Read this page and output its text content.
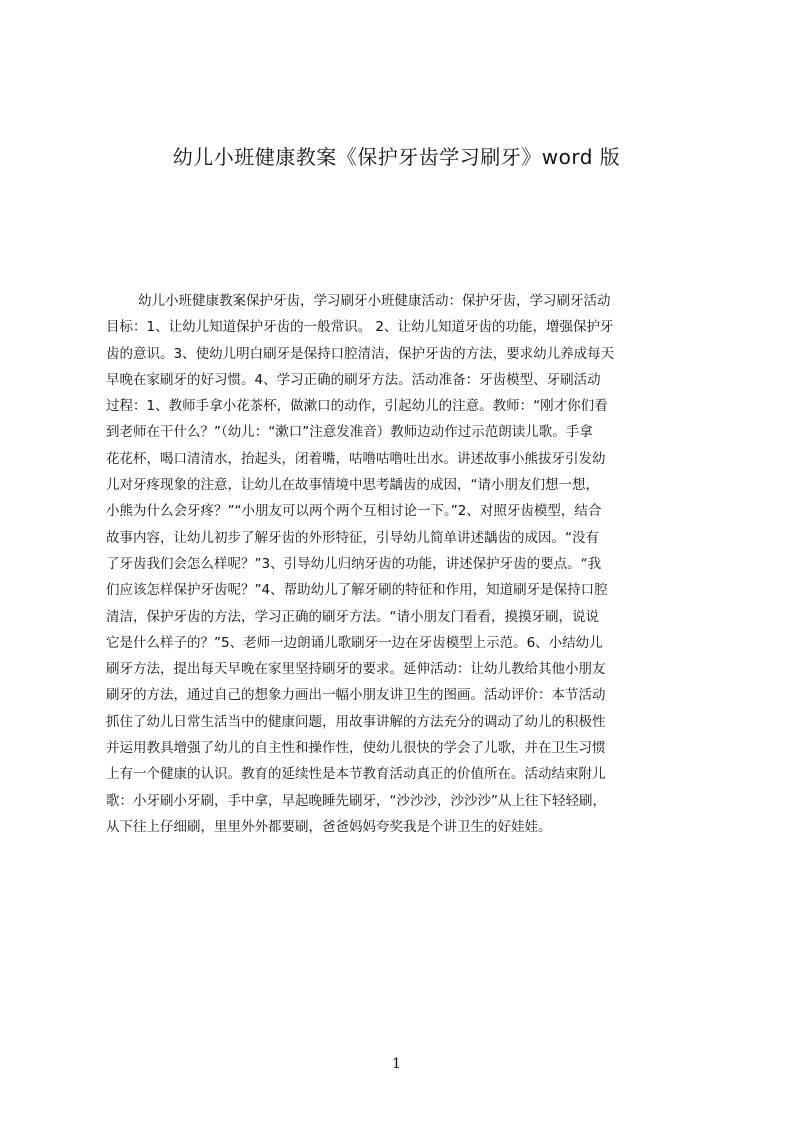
幼儿小班健康教案《保护牙齿学习刷牙》word 版
幼儿小班健康教案保护牙齿，学习刷牙小班健康活动：保护牙齿，学习刷牙活动
目标：1、让幼儿知道保护牙齿的一般常识。 2、让幼儿知道牙齿的功能，增强保护牙
齿的意识。3、使幼儿明白刷牙是保持口腔清洁，保护牙齿的方法，要求幼儿养成每天
早晚在家刷牙的好习惯。4、学习正确的刷牙方法。活动准备：牙齿模型、牙刷活动
过程：1、教师手拿小花茶杯，做漱口的动作，引起幼儿的注意。教师：“刚才你们看
到老师在干什么？”（幼儿：“漱口”注意发准音）教师边动作过示范朗读儿歌。手拿
花花杯，喝口清清水，抬起头，闭着嘴，咕噜咕噜吐出水。讲述故事小熊拔牙引发幼
儿对牙疼现象的注意，让幼儿在故事情境中思考龋齿的成因，“请小朋友们想一想，
小熊为什么会牙疼？”“小朋友可以两个两个互相讨论一下。”2、对照牙齿模型，结合
故事内容，让幼儿初步了解牙齿的外形特征，引导幼儿简单讲述龋齿的成因。“没有
了牙齿我们会怎么样呢？”3、引导幼儿归纳牙齿的功能，讲述保护牙齿的要点。“我
们应该怎样保护牙齿呢？”4、帮助幼儿了解牙刷的特征和作用，知道刷牙是保持口腔
清洁，保护牙齿的方法，学习正确的刷牙方法。“请小朋友门看看，摸摸牙刷，说说
它是什么样子的？”5、老师一边朗诵儿歌刷牙一边在牙齿模型上示范。6、小结幼儿
刷牙方法，提出每天早晚在家里坚持刷牙的要求。延伸活动：让幼儿教给其他小朋友
刷牙的方法，通过自己的想象力画出一幅小朋友讲卫生的图画。活动评价：本节活动
抓住了幼儿日常生活当中的健康问题，用故事讲解的方法充分的调动了幼儿的积极性
并运用教具增强了幼儿的自主性和操作性，使幼儿很快的学会了儿歌，并在卫生习惯
上有一个健康的认识。教育的延续性是本节教育活动真正的价值所在。活动结束附儿
歌：小牙刷小牙刷，手中拿，早起晚睡先刷牙，“沙沙沙，沙沙沙”从上往下轻轻刷，
从下往上仔细刷，里里外外都要刷，爸爸妈妈夸奖我是个讲卫生的好娃娃。
1
